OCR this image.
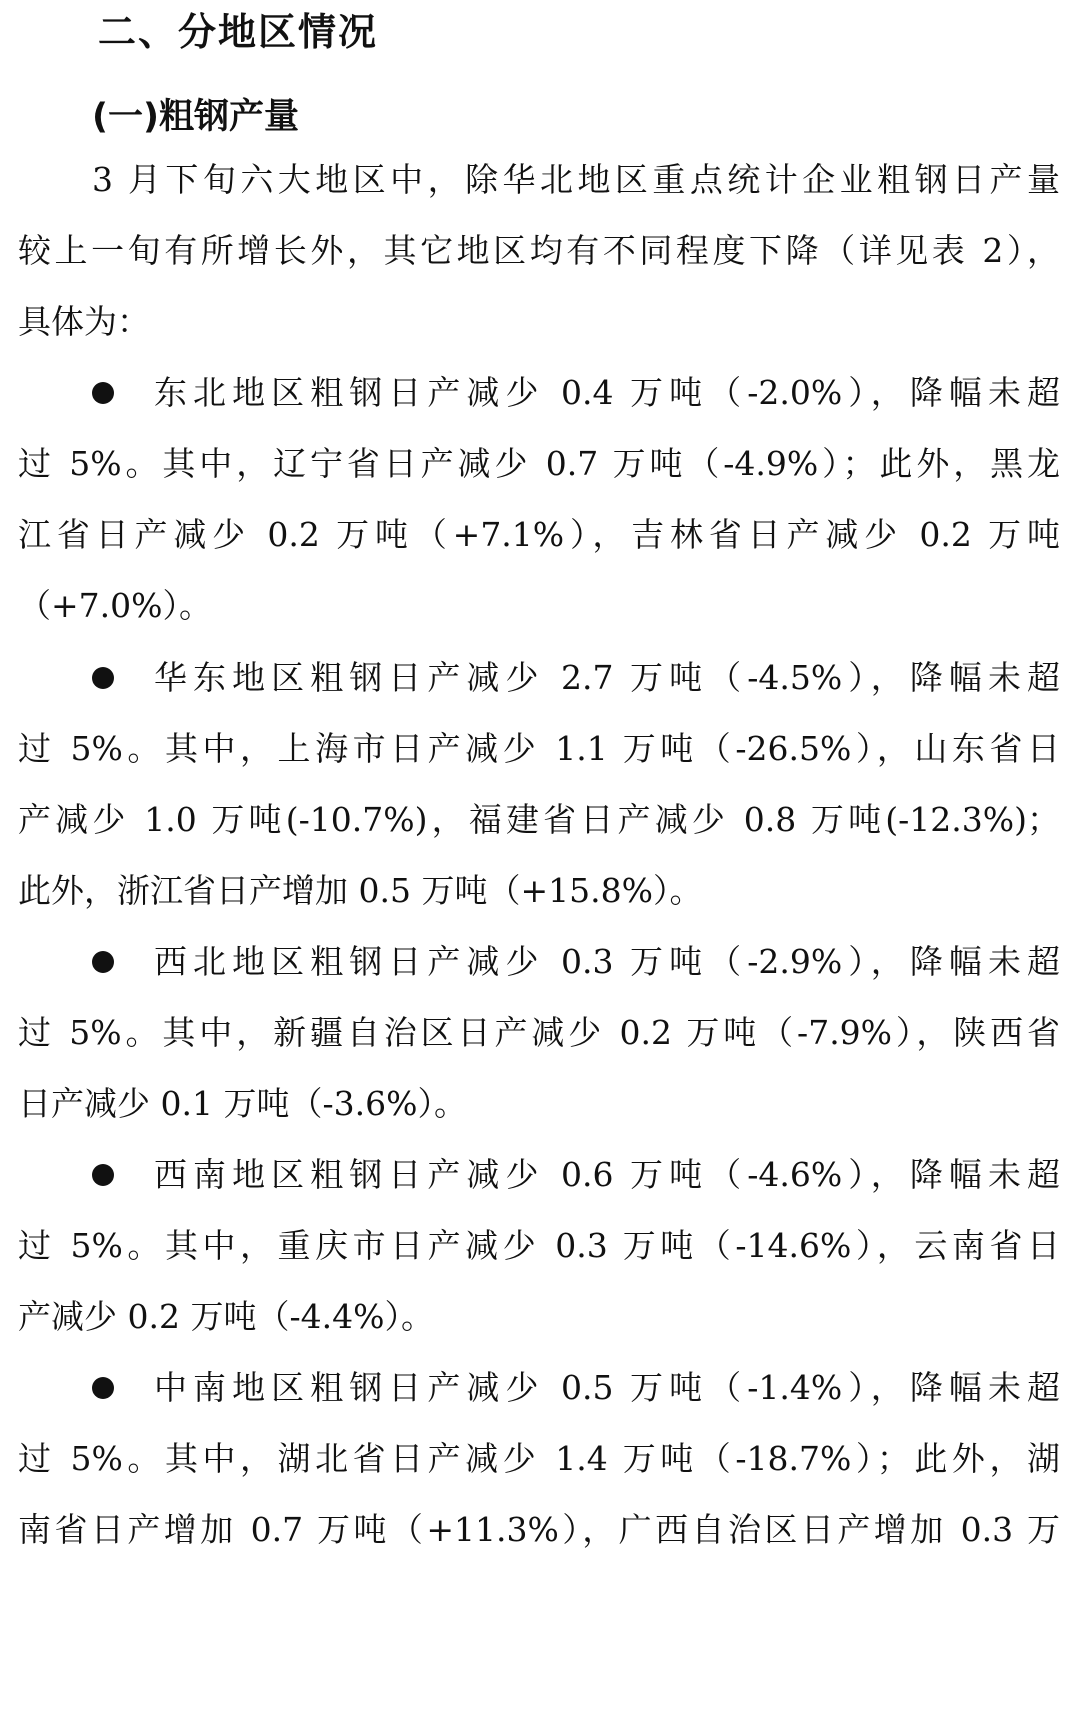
二、分地区情况
(一)粗钢产量
3 月下旬六大地区中，除华北地区重点统计企业粗钢日产量
较上一旬有所增长外，其它地区均有不同程度下降（详见表 2），
具体为：
东北地区粗钢日产减少 0.4 万吨（-2.0%），降幅未超
过 5%。其中，辽宁省日产减少 0.7 万吨（-4.9%）；此外，黑龙
江省日产减少 0.2 万吨（+7.1%），吉林省日产减少 0.2 万吨
（+7.0%）。
华东地区粗钢日产减少 2.7 万吨（-4.5%），降幅未超
过 5%。其中，上海市日产减少 1.1 万吨（-26.5%），山东省日
产减少 1.0 万吨(-10.7%)，福建省日产减少 0.8 万吨(-12.3%)；
此外，浙江省日产增加 0.5 万吨（+15.8%）。
西北地区粗钢日产减少 0.3 万吨（-2.9%），降幅未超
过 5%。其中，新疆自治区日产减少 0.2 万吨（-7.9%），陕西省
日产减少 0.1 万吨（-3.6%）。
西南地区粗钢日产减少 0.6 万吨（-4.6%），降幅未超
过 5%。其中，重庆市日产减少 0.3 万吨（-14.6%），云南省日
产减少 0.2 万吨（-4.4%）。
中南地区粗钢日产减少 0.5 万吨（-1.4%），降幅未超
过 5%。其中，湖北省日产减少 1.4 万吨（-18.7%）；此外，湖
南省日产增加 0.7 万吨（+11.3%），广西自治区日产增加 0.3 万
